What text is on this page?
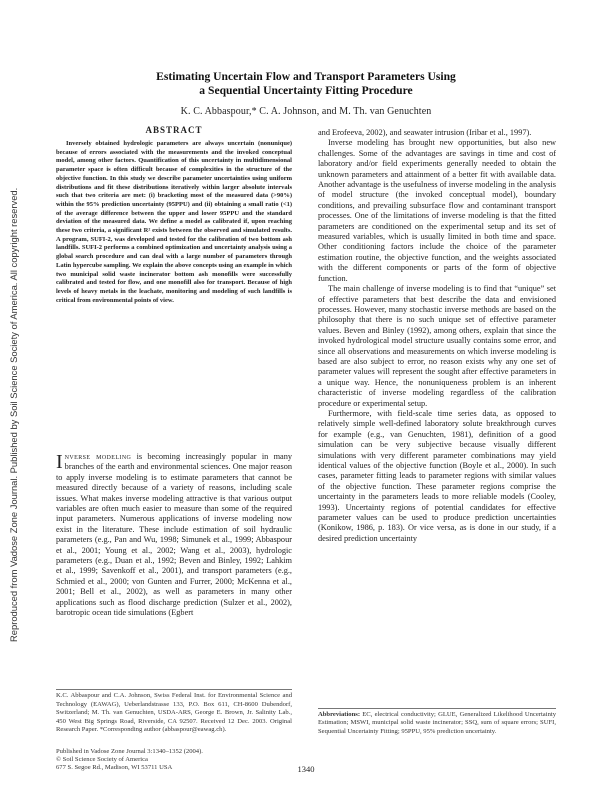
Reproduced from Vadose Zone Journal. Published by Soil Science Society of America. All copyright reserved.
Estimating Uncertain Flow and Transport Parameters Using
a Sequential Uncertainty Fitting Procedure
K. C. Abbaspour,* C. A. Johnson, and M. Th. van Genuchten
ABSTRACT

Inversely obtained hydrologic parameters are always uncertain (nonunique) because of errors associated with the measurements and the invoked conceptual model, among other factors. Quantification of this uncertainty in multidimensional parameter space is often difficult because of complexities in the structure of the objective function. In this study we describe parameter uncertainties using uniform distributions and fit these distributions iteratively within larger absolute intervals such that two criteria are met: (i) bracketing most of the measured data (>90%) within the 95% prediction uncertainty (95PPU) and (ii) obtaining a small ratio (<1) of the average difference between the upper and lower 95PPU and the standard deviation of the measured data. We define a model as calibrated if, upon reaching these two criteria, a significant R² exists between the observed and simulated results. A program, SUFI-2, was developed and tested for the calibration of two bottom ash landfills. SUFI-2 performs a combined optimization and uncertainty analysis using a global search procedure and can deal with a large number of parameters through Latin hypercube sampling. We explain the above concepts using an example in which two municipal solid waste incinerator bottom ash monofills were successfully calibrated and tested for flow, and one monofill also for transport. Because of high levels of heavy metals in the leachate, monitoring and modeling of such landfills is critical from environmental points of view.

Inverse modeling is becoming increasingly popular in many branches of the earth and environmental sciences. One major reason to apply inverse modeling is to estimate parameters that cannot be measured directly because of a variety of reasons, including scale issues. What makes inverse modeling attractive is that various output variables are often much easier to measure than some of the required input parameters. Numerous applications of inverse modeling now exist in the literature. These include estimation of soil hydraulic parameters (e.g., Pan and Wu, 1998; Simunek et al., 1999; Abbaspour et al., 2001; Young et al., 2002; Wang et al., 2003), hydrologic parameters (e.g., Duan et al., 1992; Beven and Binley, 1992; Lahkim et al., 1999; Savenkoff et al., 2001), and transport parameters (e.g., Schmied et al., 2000; von Gunten and Furrer, 2000; McKenna et al., 2001; Bell et al., 2002), as well as parameters in many other applications such as flood discharge prediction (Sulzer et al., 2002), barotropic ocean tide simulations (Egbert

and Erofeeva, 2002), and seawater intrusion (Iribar et al., 1997).

Inverse modeling has brought new opportunities, but also new challenges. Some of the advantages are savings in time and cost of laboratory and/or field experiments generally needed to obtain the unknown parameters and attainment of a better fit with available data. Another advantage is the usefulness of inverse modeling in the analysis of model structure (the invoked conceptual model), boundary conditions, and prevailing subsurface flow and contaminant transport processes. One of the limitations of inverse modeling is that the fitted parameters are conditioned on the experimental setup and its set of measured variables, which is usually limited in both time and space. Other conditioning factors include the choice of the parameter estimation routine, the objective function, and the weights associated with the different components or parts of the form of objective function.

The main challenge of inverse modeling is to find that “unique” set of effective parameters that best describe the data and envisioned processes. However, many stochastic inverse methods are based on the philosophy that there is no such unique set of effective parameter values. Beven and Binley (1992), among others, explain that since the invoked hydrological model structure usually contains some error, and since all observations and measurements on which inverse modeling is based are also subject to error, no reason exists why any one set of parameter values will represent the sought after effective parameters in a unique way. Hence, the nonuniqueness problem is an inherent characteristic of inverse modeling regardless of the calibration procedure or experimental setup.

Furthermore, with field-scale time series data, as opposed to relatively simple well-defined laboratory solute breakthrough curves for example (e.g., van Genuchten, 1981), definition of a good simulation can be very subjective because visually different simulations with very different parameter combinations may yield identical values of the objective function (Boyle et al., 2000). In such cases, parameter fitting leads to parameter regions with similar values of the objective function. These parameter regions comprise the uncertainty in the parameters leads to more reliable models (Cooley, 1993). Uncertainty regions of potential candidates for effective parameter values can be used to produce prediction uncertainties (Konikow, 1986, p. 183). Or vice versa, as is done in our study, if a desired prediction uncertainty

K.C. Abbaspour and C.A. Johnson, Swiss Federal Inst. for Environmental Science and Technology (EAWAG), Ueberlandstrasse 133, P.O. Box 611, CH-8600 Dubendorf, Switzerland; M. Th. van Genuchten, USDA-ARS, George E. Brown, Jr. Salinity Lab., 450 West Big Springs Road, Riverside, CA 92507. Received 12 Dec. 2003. Original Research Paper. *Corresponding author (abbaspour@eawag.ch).
Published in Vadose Zone Journal 3:1340–1352 (2004).
© Soil Science Society of America
677 S. Segoe Rd., Madison, WI 53711 USA
Abbreviations: EC, electrical conductivity; GLUE, Generalized Likelihood Uncertainty Estimation; MSWI, municipal solid waste incinerator; SSQ, sum of square errors; SUFI, Sequential Uncertainty Fitting; 95PPU, 95% prediction uncertainty.
1340
